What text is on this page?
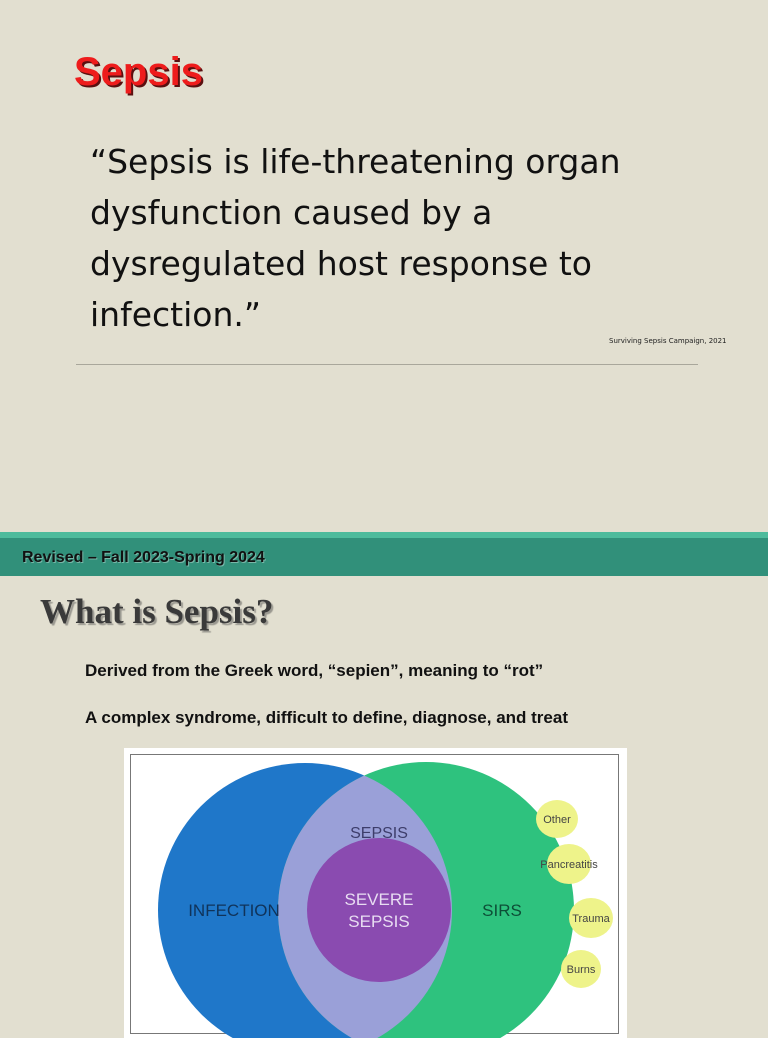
Sepsis
“Sepsis is life-threatening organ
dysfunction caused by a
dysregulated host response to
infection.”
Surviving Sepsis Campaign, 2021
Revised – Fall 2023-Spring 2024
What is Sepsis?
Derived from the Greek word, “sepien”, meaning to “rot”
A complex syndrome, difficult to define, diagnose, and treat
INFECTION
SEPSIS
SEVERE
SEPSIS
SIRS
Other
Pancreatitis
Trauma
Burns
